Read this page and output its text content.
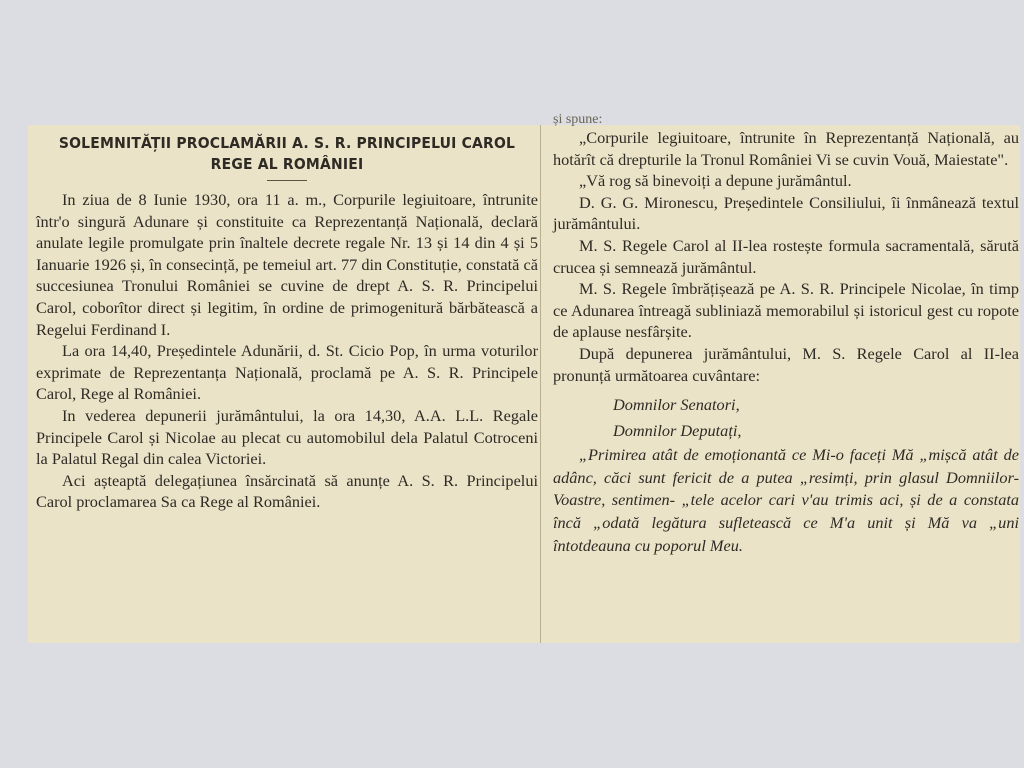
SOLEMNITĂȚII PROCLAMĂRII A. S. R. PRINCIPELUI CAROL REGE AL ROMÂNIEI

In ziua de 8 Iunie 1930, ora 11 a. m., Corpurile legiuitoare, întrunite într'o singură Adunare și constituite ca Reprezentanță Națională, declară anulate legile promulgate prin înaltele decrete regale Nr. 13 și 14 din 4 și 5 Ianuarie 1926 și, în consecință, pe temeiul art. 77 din Constituție, constată că succesiunea Tronului României se cuvine de drept A. S. R. Principelui Carol, coborîtor direct și legitim, în ordine de primogenitură bărbătească a Regelui Ferdinand I.

La ora 14,40, Președintele Adunării, d. St. Cicio Pop, în urma voturilor exprimate de Reprezentanța Națională, proclamă pe A. S. R. Principele Carol, Rege al României.

In vederea depunerii jurământului, la ora 14,30, A.A. L.L. Regale Principele Carol și Nicolae au plecat cu automobilul dela Palatul Cotroceni la Palatul Regal din calea Victoriei.

Aci așteaptă delegațiunea însărcinată să anunțe A. S. R. Principelui Carol proclamarea Sa ca Rege al României.

și spune:

„Corpurile legiuitoare, întrunite în Reprezentanță Națională, au hotărît că drepturile la Tronul României Vi se cuvin Vouă, Maiestate".

„Vă rog să binevoiți a depune jurământul.

D. G. G. Mironescu, Președintele Consiliului, îi înmânează textul jurământului.

M. S. Regele Carol al II-lea rostește formula sacramentală, sărută crucea și semnează jurământul.

M. S. Regele îmbrățișează pe A. S. R. Principele Nicolae, în timp ce Adunarea întreagă subliniază memorabilul și istoricul gest cu ropote de aplause nesfârșite.

După depunerea jurământului, M. S. Regele Carol al II-lea pronunță următoarea cuvântare:

Domnilor Senatori,

Domnilor Deputați,

„Primirea atât de emoționantă ce Mi-o faceți Mă „mișcă atât de adânc, căci sunt fericit de a putea „resimți, prin glasul Domniilor-Voastre, sentimen- „tele acelor cari v'au trimis aci, și de a constata încă „odată legătura sufletească ce M'a unit și Mă va „uni întotdeauna cu poporul Meu.
